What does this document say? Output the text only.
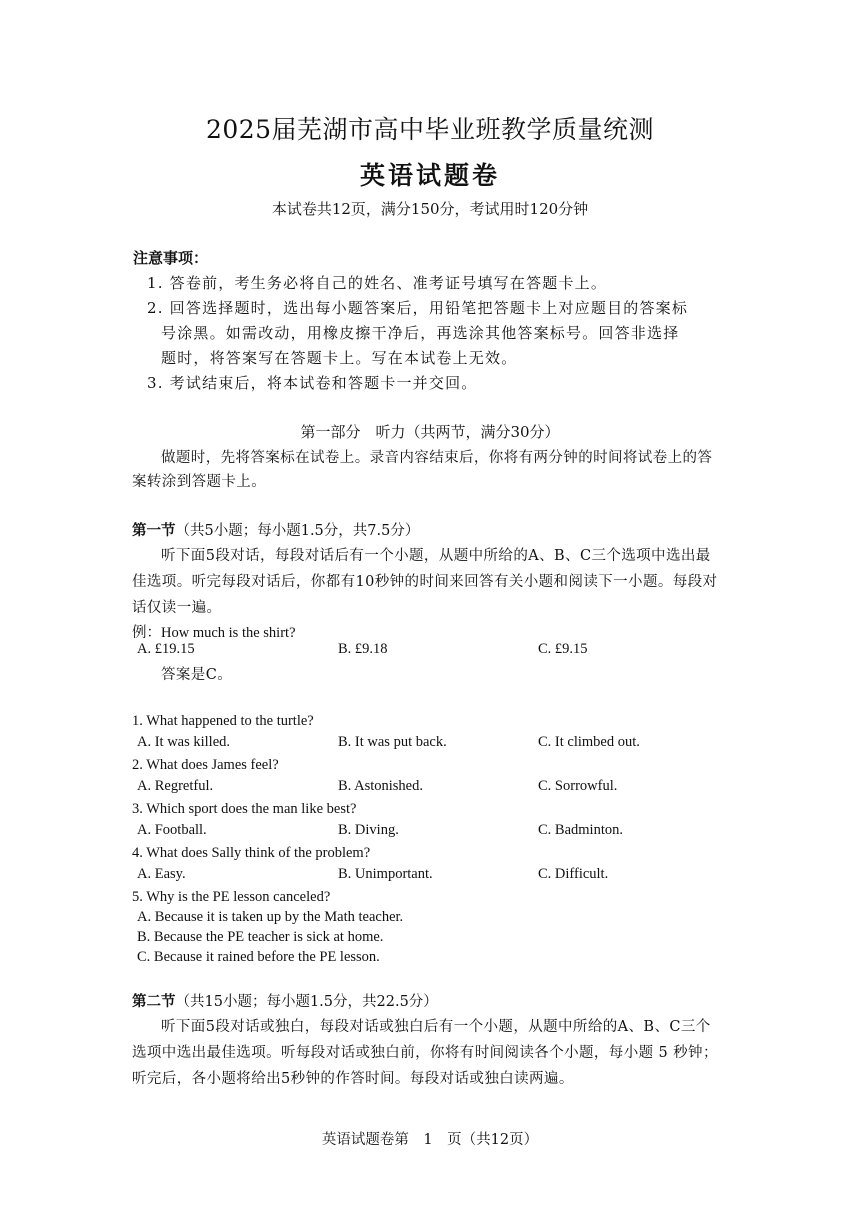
2025届芜湖市高中毕业班教学质量统测
英语试题卷
本试卷共12页，满分150分，考试用时120分钟
注意事项：
1. 答卷前，考生务必将自己的姓名、准考证号填写在答题卡上。
2. 回答选择题时，选出每小题答案后，用铅笔把答题卡上对应题目的答案标
号涂黑。如需改动，用橡皮擦干净后，再选涂其他答案标号。回答非选择
题时，将答案写在答题卡上。写在本试卷上无效。
3. 考试结束后，将本试卷和答题卡一并交回。
第一部分　听力（共两节，满分30分）
做题时，先将答案标在试卷上。录音内容结束后，你将有两分钟的时间将试卷上的答
案转涂到答题卡上。
第一节（共5小题；每小题1.5分，共7.5分）
听下面5段对话，每段对话后有一个小题，从题中所给的A、B、C三个选项中选出最
佳选项。听完每段对话后，你都有10秒钟的时间来回答有关小题和阅读下一小题。每段对
话仅读一遍。
例：How much is the shirt?
A. £19.15	B. £9.18	C. £9.15
答案是C。
1. What happened to the turtle?
A. It was killed.	B. It was put back.	C. It climbed out.
2. What does James feel?
A. Regretful.	B. Astonished.	C. Sorrowful.
3. Which sport does the man like best?
A. Football.	B. Diving.	C. Badminton.
4. What does Sally think of the problem?
A. Easy.	B. Unimportant.	C. Difficult.
5. Why is the PE lesson canceled?
A. Because it is taken up by the Math teacher.
B. Because the PE teacher is sick at home.
C. Because it rained before the PE lesson.
第二节（共15小题；每小题1.5分，共22.5分）
听下面5段对话或独白，每段对话或独白后有一个小题，从题中所给的A、B、C三个
选项中选出最佳选项。听每段对话或独白前，你将有时间阅读各个小题，每小题 5 秒钟；
听完后，各小题将给出5秒钟的作答时间。每段对话或独白读两遍。
英语试题卷第　1　页（共12页）
